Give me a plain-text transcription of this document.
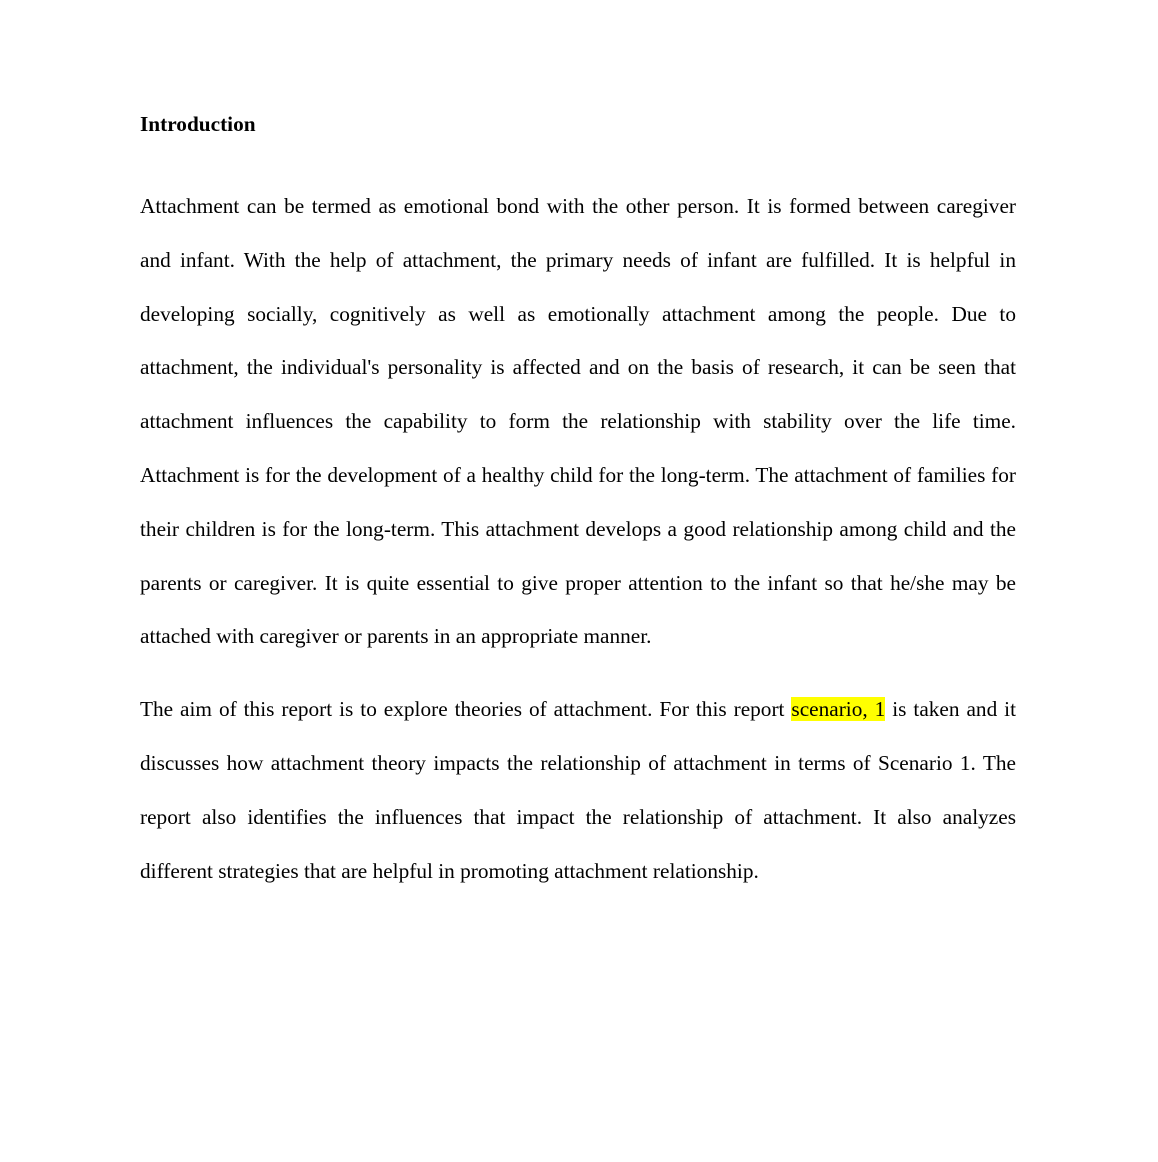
Introduction

Attachment can be termed as emotional bond with the other person. It is formed between caregiver and infant. With the help of attachment, the primary needs of infant are fulfilled. It is helpful in developing socially, cognitively as well as emotionally attachment among the people. Due to attachment, the individual's personality is affected and on the basis of research, it can be seen that attachment influences the capability to form the relationship with stability over the life time. Attachment is for the development of a healthy child for the long-term. The attachment of families for their children is for the long-term. This attachment develops a good relationship among child and the parents or caregiver. It is quite essential to give proper attention to the infant so that he/she may be attached with caregiver or parents in an appropriate manner.

The aim of this report is to explore theories of attachment. For this report scenario, 1 is taken and it discusses how attachment theory impacts the relationship of attachment in terms of Scenario 1. The report also identifies the influences that impact the relationship of attachment. It also analyzes different strategies that are helpful in promoting attachment relationship.
